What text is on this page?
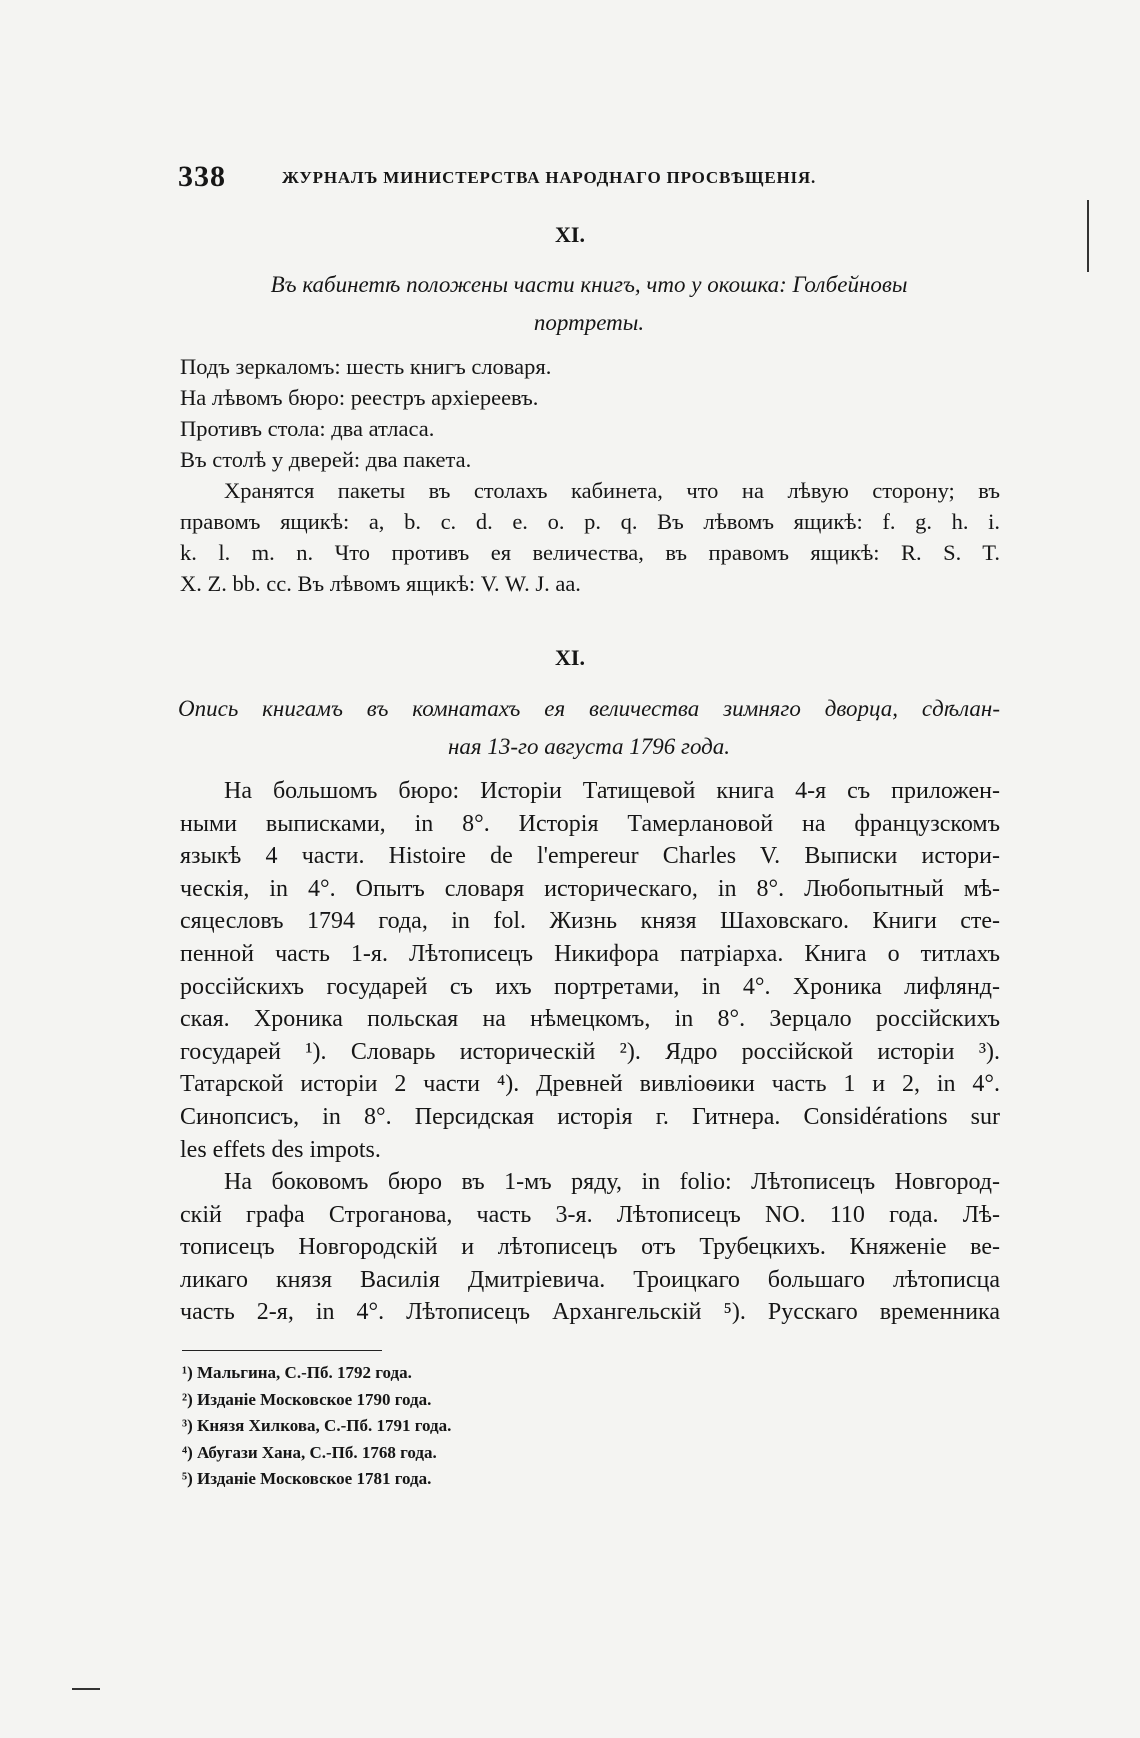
338	ЖУРНАЛЪ МИНИСТЕРСТВА НАРОДНАГО ПРОСВѢЩЕНІЯ.
XI.
Въ кабинетѣ положены части книгъ, что у окошка: Голбейновы
портреты.
Подъ зеркаломъ: шесть книгъ словаря.
На лѣвомъ бюро: реестръ архіереевъ.
Противъ стола: два атласа.
Въ столѣ у дверей: два пакета.
Хранятся пакеты въ столахъ кабинета, что на лѣвую сторону; въ
правомъ ящикѣ: a, b. c. d. e. o. p. q. Въ лѣвомъ ящикѣ: f. g. h. i.
k. l. m. n. Что противъ ея величества, въ правомъ ящикѣ: R. S. T.
X. Z. bb. cc. Въ лѣвомъ ящикѣ: V. W. J. aa.
XI.
Опись книгамъ въ комнатахъ ея величества зимняго дворца, сдѣлан-
ная 13-го августа 1796 года.
На большомъ бюро: Исторіи Татищевой книга 4-я съ приложен-
ными выписками, in 8°. Исторія Тамерлановой на французскомъ
языкѣ 4 части. Histoire de l'empereur Charles V. Выписки истори-
ческія, in 4°. Опытъ словаря историческаго, in 8°. Любопытный мѣ-
сяцесловъ 1794 года, in fol. Жизнь князя Шаховскаго. Книги сте-
пенной часть 1-я. Лѣтописецъ Никифора патріарха. Книга о титлахъ
россійскихъ государей съ ихъ портретами, in 4°. Хроника лифлянд-
ская. Хроника польская на нѣмецкомъ, in 8°. Зерцало россійскихъ
государей ¹). Словарь историческій ²). Ядро россійской исторіи ³).
Татарской исторіи 2 части ⁴). Древней вивліоѳики часть 1 и 2, in 4°.
Синопсисъ, in 8°. Персидская исторія г. Гитнера. Considérations sur
les effets des impots.
На боковомъ бюро въ 1-мъ ряду, in folio: Лѣтописецъ Новгород-
скій графа Строганова, часть 3-я. Лѣтописецъ NO. 110 года. Лѣ-
тописецъ Новгородскій и лѣтописецъ отъ Трубецкихъ. Княженіе ве-
ликаго князя Василія Дмитріевича. Троицкаго большаго лѣтописца
часть 2-я, in 4°. Лѣтописецъ Архангельскій ⁵). Русскаго временника
¹) Мальгина, С.-Пб. 1792 года.
²) Изданіе Московское 1790 года.
³) Князя Хилкова, С.-Пб. 1791 года.
⁴) Абугази Хана, С.-Пб. 1768 года.
⁵) Изданіе Московское 1781 года.
